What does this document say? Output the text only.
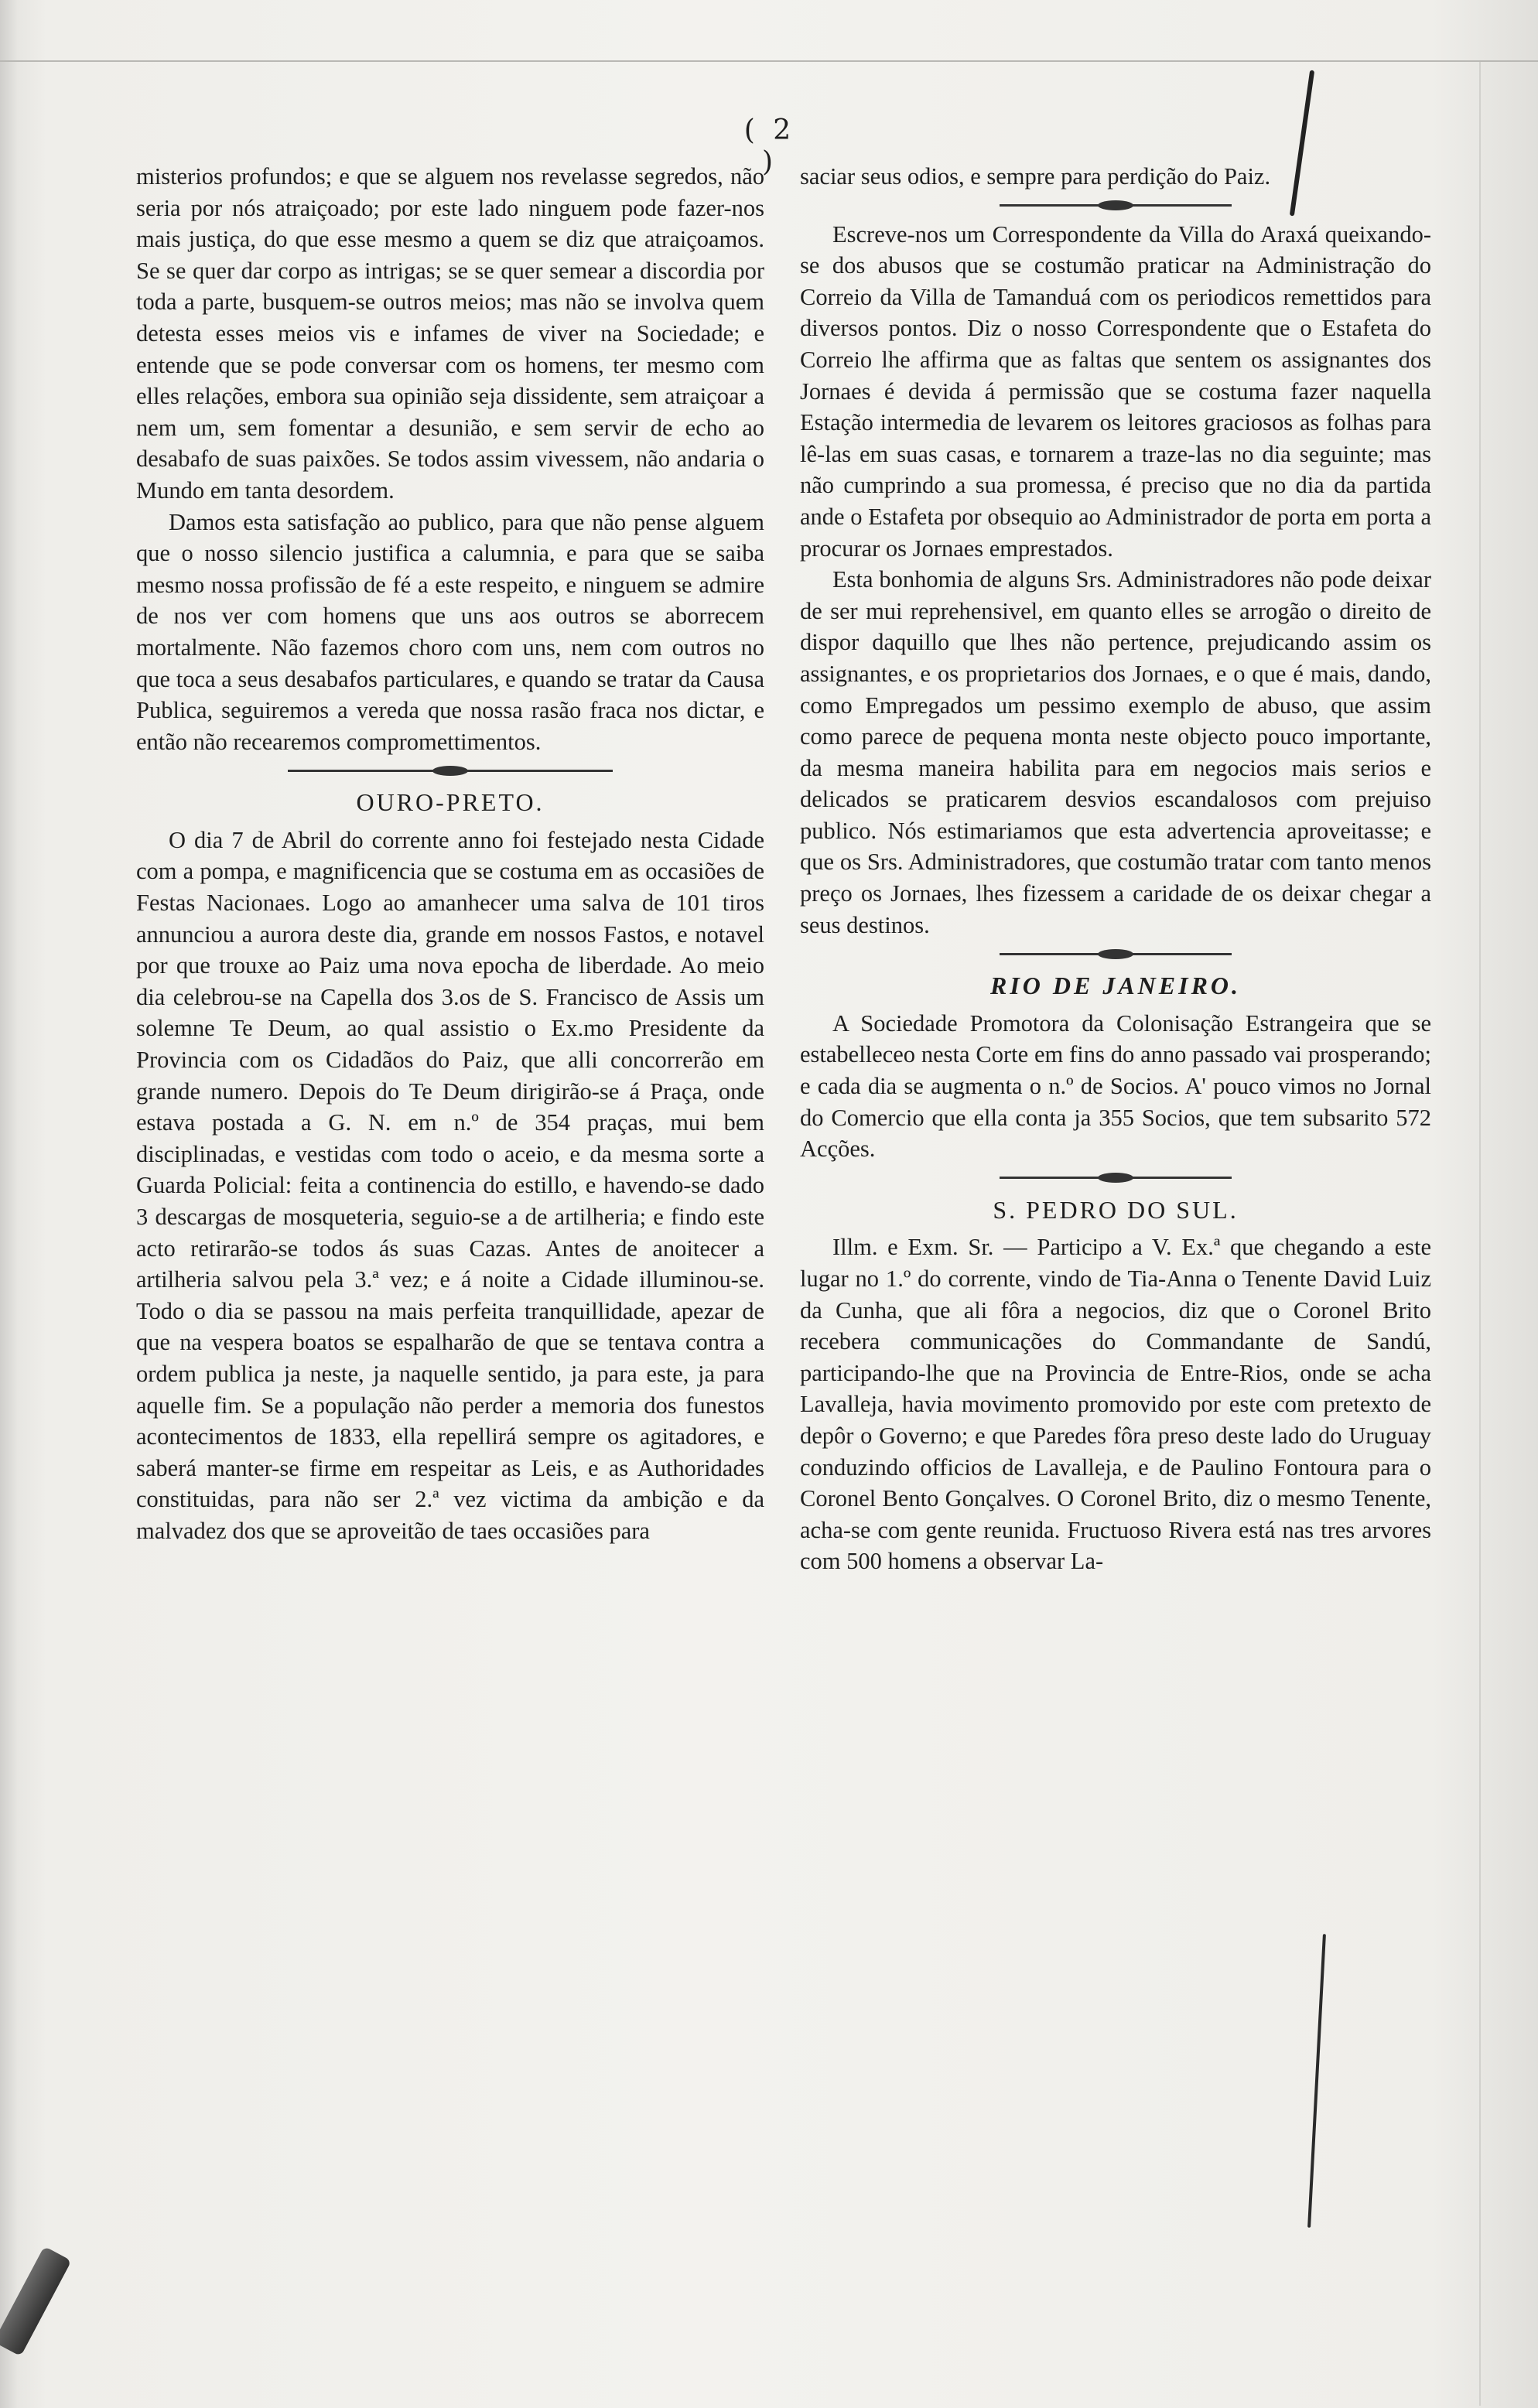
( 2 )

misterios profundos; e que se alguem nos revelasse segredos, não seria por nós atraiçoado; por este lado ninguem pode fazer-nos mais justiça, do que esse mesmo a quem se diz que atraiçoamos. Se se quer dar corpo as intrigas; se se quer semear a discordia por toda a parte, busquem-se outros meios; mas não se involva quem detesta esses meios vis e infames de viver na Sociedade; e entende que se pode conversar com os homens, ter mesmo com elles relações, embora sua opinião seja dissidente, sem atraiçoar a nem um, sem fomentar a desunião, e sem servir de echo ao desabafo de suas paixões. Se todos assim vivessem, não andaria o Mundo em tanta desordem.

Damos esta satisfação ao publico, para que não pense alguem que o nosso silencio justifica a calumnia, e para que se saiba mesmo nossa profissão de fé a este respeito, e ninguem se admire de nos ver com homens que uns aos outros se aborrecem mortalmente. Não fazemos choro com uns, nem com outros no que toca a seus desabafos particulares, e quando se tratar da Causa Publica, seguiremos a vereda que nossa rasão fraca nos dictar, e então não recearemos compromettimentos.

OURO-PRETO.

O dia 7 de Abril do corrente anno foi festejado nesta Cidade com a pompa, e magnificencia que se costuma em as occasiões de Festas Nacionaes. Logo ao amanhecer uma salva de 101 tiros annunciou a aurora deste dia, grande em nossos Fastos, e notavel por que trouxe ao Paiz uma nova epocha de liberdade. Ao meio dia celebrou-se na Capella dos 3.os de S. Francisco de Assis um solemne Te Deum, ao qual assistio o Ex.mo Presidente da Provincia com os Cidadãos do Paiz, que alli concorrerão em grande numero. Depois do Te Deum dirigirão-se á Praça, onde estava postada a G. N. em n.º de 354 praças, mui bem disciplinadas, e vestidas com todo o aceio, e da mesma sorte a Guarda Policial: feita a continencia do estillo, e havendo-se dado 3 descargas de mosqueteria, seguio-se a de artilheria; e findo este acto retirarão-se todos ás suas Cazas. Antes de anoitecer a artilheria salvou pela 3.ª vez; e á noite a Cidade illuminou-se. Todo o dia se passou na mais perfeita tranquillidade, apezar de que na vespera boatos se espalharão de que se tentava contra a ordem publica ja neste, ja naquelle sentido, ja para este, ja para aquelle fim. Se a população não perder a memoria dos funestos acontecimentos de 1833, ella repellirá sempre os agitadores, e saberá manter-se firme em respeitar as Leis, e as Authoridades constituidas, para não ser 2.ª vez victima da ambição e da malvadez dos que se aproveitão de taes occasiões para

saciar seus odios, e sempre para perdição do Paiz.

Escreve-nos um Correspondente da Villa do Araxá queixando-se dos abusos que se costumão praticar na Administração do Correio da Villa de Tamanduá com os periodicos remettidos para diversos pontos. Diz o nosso Correspondente que o Estafeta do Correio lhe affirma que as faltas que sentem os assignantes dos Jornaes é devida á permissão que se costuma fazer naquella Estação intermedia de levarem os leitores graciosos as folhas para lê-las em suas casas, e tornarem a traze-las no dia seguinte; mas não cumprindo a sua promessa, é preciso que no dia da partida ande o Estafeta por obsequio ao Administrador de porta em porta a procurar os Jornaes emprestados.

Esta bonhomia de alguns Srs. Administradores não pode deixar de ser mui reprehensivel, em quanto elles se arrogão o direito de dispor daquillo que lhes não pertence, prejudicando assim os assignantes, e os proprietarios dos Jornaes, e o que é mais, dando, como Empregados um pessimo exemplo de abuso, que assim como parece de pequena monta neste objecto pouco importante, da mesma maneira habilita para em negocios mais serios e delicados se praticarem desvios escandalosos com prejuiso publico. Nós estimariamos que esta advertencia aproveitasse; e que os Srs. Administradores, que costumão tratar com tanto menos preço os Jornaes, lhes fizessem a caridade de os deixar chegar a seus destinos.

RIO DE JANEIRO.

A Sociedade Promotora da Colonisação Estrangeira que se estabelleceo nesta Corte em fins do anno passado vai prosperando; e cada dia se augmenta o n.º de Socios. A' pouco vimos no Jornal do Comercio que ella conta ja 355 Socios, que tem subsarito 572 Acções.

S. PEDRO DO SUL.

Illm. e Exm. Sr. — Participo a V. Ex.ª que chegando a este lugar no 1.º do corrente, vindo de Tia-Anna o Tenente David Luiz da Cunha, que ali fôra a negocios, diz que o Coronel Brito recebera communicações do Commandante de Sandú, participando-lhe que na Provincia de Entre-Rios, onde se acha Lavalleja, havia movimento promovido por este com pretexto de depôr o Governo; e que Paredes fôra preso deste lado do Uruguay conduzindo officios de Lavalleja, e de Paulino Fontoura para o Coronel Bento Gonçalves. O Coronel Brito, diz o mesmo Tenente, acha-se com gente reunida. Fructuoso Rivera está nas tres arvores com 500 homens a observar La-
